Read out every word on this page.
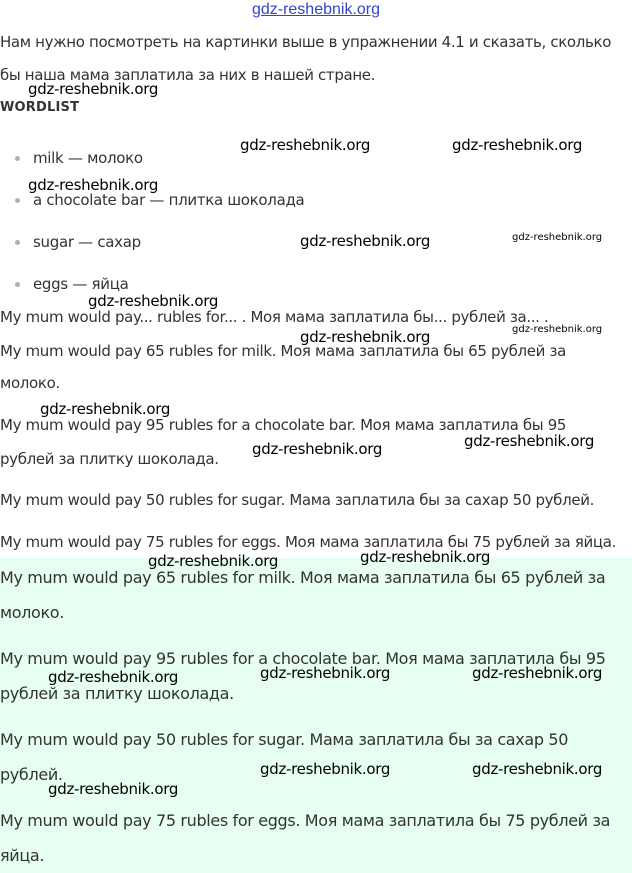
gdz-reshebnik.org
Нам нужно посмотреть на картинки выше в упражнении 4.1 и сказать, сколько
бы наша мама заплатила за них в нашей стране.
WORDLIST
milk — молоко
a chocolate bar — плитка шоколада
sugar — сахар
eggs — яйца
My mum would pay... rubles for... . Моя мама заплатила бы... рублей за... .
My mum would pay 65 rubles for milk. Моя мама заплатила бы 65 рублей за
молоко.
My mum would pay 95 rubles for a chocolate bar. Моя мама заплатила бы 95
рублей за плитку шоколада.
My mum would pay 50 rubles for sugar. Мама заплатила бы за сахар 50 рублей.
My mum would pay 75 rubles for eggs. Моя мама заплатила бы 75 рублей за яйца.
My mum would pay 65 rubles for milk. Моя мама заплатила бы 65 рублей за
молоко.
My mum would pay 95 rubles for a chocolate bar. Моя мама заплатила бы 95
рублей за плитку шоколада.
My mum would pay 50 rubles for sugar. Мама заплатила бы за сахар 50
рублей.
My mum would pay 75 rubles for eggs. Моя мама заплатила бы 75 рублей за
яйца.
gdz-reshebnik.org
gdz-reshebnik.org	gdz-reshebnik.org
gdz-reshebnik.org
gdz-reshebnik.org	gdz-reshebnik.org
gdz-reshebnik.org
gdz-reshebnik.org	gdz-reshebnik.org
gdz-reshebnik.org
gdz-reshebnik.org
gdz-reshebnik.org
gdz-reshebnik.org
gdz-reshebnik.org
gdz-reshebnik.org	gdz-reshebnik.org	gdz-reshebnik.org
gdz-reshebnik.org	gdz-reshebnik.org
gdz-reshebnik.org
